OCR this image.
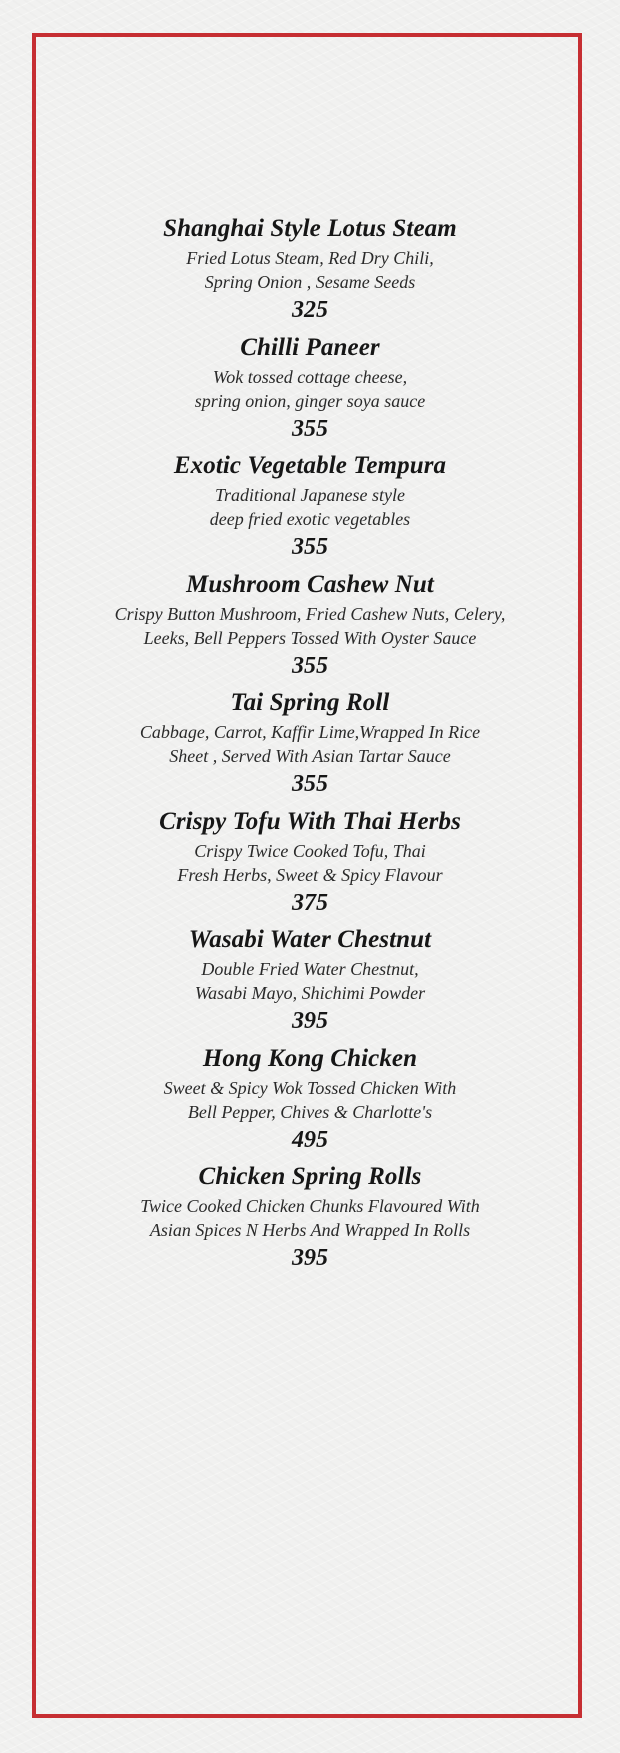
Shanghai Style Lotus Steam

Fried Lotus Steam, Red Dry Chili,
Spring Onion , Sesame Seeds

325
Chilli Paneer

Wok tossed cottage cheese,
spring onion, ginger soya sauce

355
Exotic Vegetable Tempura

Traditional Japanese style
deep fried exotic vegetables

355
Mushroom Cashew Nut

Crispy Button Mushroom, Fried Cashew Nuts, Celery,
Leeks, Bell Peppers Tossed With Oyster Sauce

355
Tai Spring Roll

Cabbage, Carrot, Kaffir Lime,Wrapped In Rice
Sheet , Served With Asian Tartar Sauce

355
Crispy Tofu With Thai Herbs

Crispy Twice Cooked Tofu, Thai
Fresh Herbs, Sweet & Spicy Flavour

375
Wasabi Water Chestnut

Double Fried Water Chestnut,
Wasabi Mayo, Shichimi Powder

395
Hong Kong Chicken

Sweet & Spicy Wok Tossed Chicken With
Bell Pepper, Chives & Charlotte's

495
Chicken Spring Rolls

Twice Cooked Chicken Chunks Flavoured With
Asian Spices N Herbs And Wrapped In Rolls

395
